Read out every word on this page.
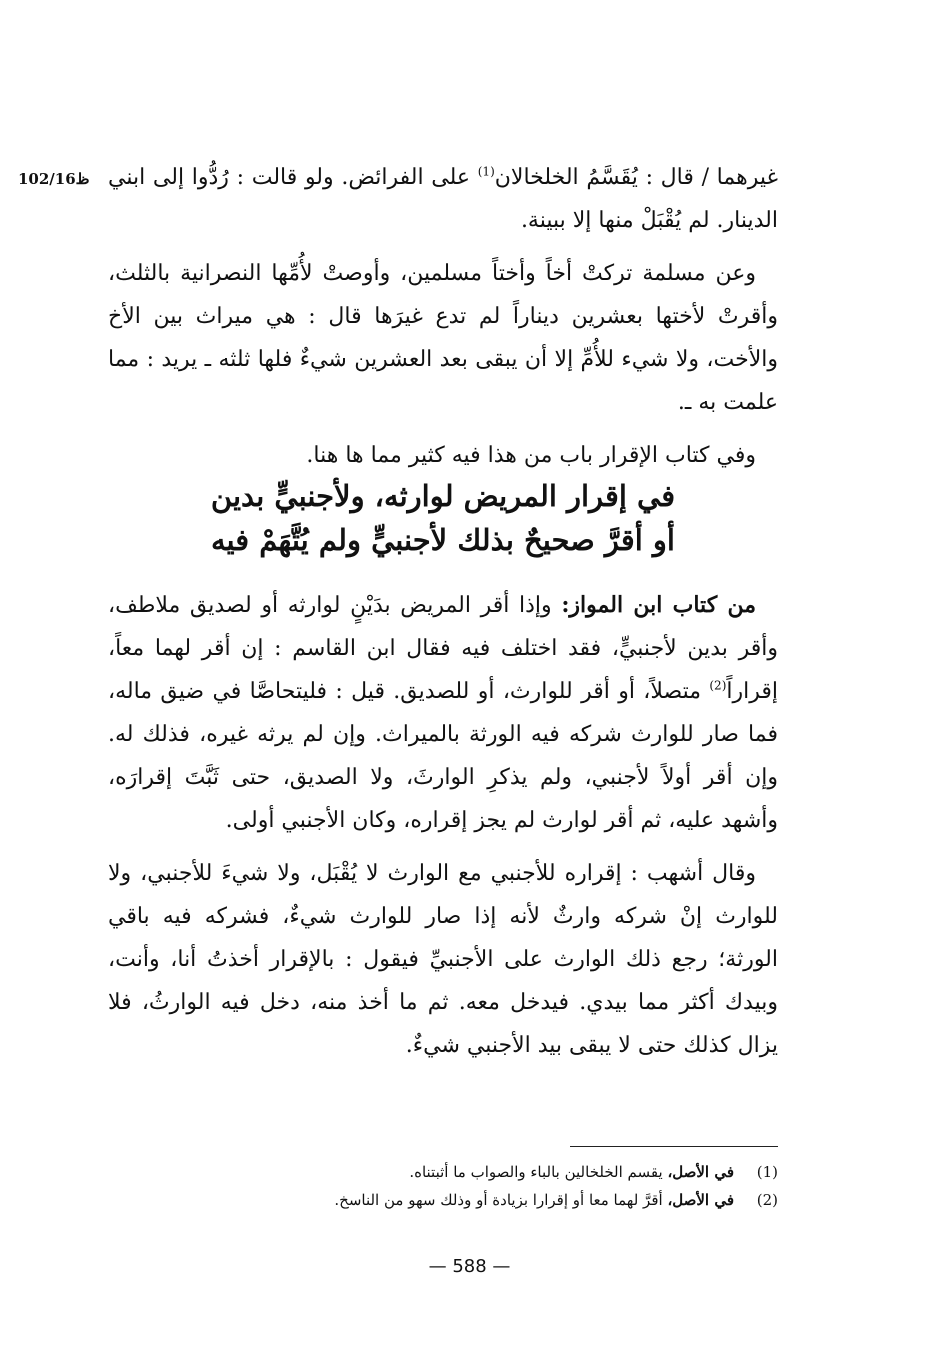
102/16ظ	غيرهما / قال : يُقَسَّمُ الخلخالان$^{(1)}$ على الفرائض. ولو قالت : رُدُّوا إلى ابني الدينار. لم يُقْبَلْ منها إلا ببينة.

وعن مسلمة تركتْ أخاً وأختاً مسلمين، وأوصتْ لأُمِّها النصرانية بالثلث، وأقرتْ لأختها بعشرين ديناراً لم تدع غيرَها قال : هي ميراث بين الأخ والأخت، ولا شيء للأُمِّ إلا أن يبقى بعد العشرين شيءٌ فلها ثلثه ـ يريد : مما علمت به ـ.

وفي كتاب الإقرار باب من هذا فيه كثير مما ها هنا.

في إقرار المريض لوارثه، ولأجنبيٍّ بدين
أو أقرَّ صحيحٌ بذلك لأجنبيٍّ ولم يُتَّهَمْ فيه

من كتاب ابن المواز: وإذا أقر المريض بدَيْنٍ لوارثه أو لصديق ملاطف، وأقر بدين لأجنبيٍّ، فقد اختلف فيه فقال ابن القاسم : إن أقر لهما معاً، إقراراً$^{(2)}$ متصلاً، أو أقر للوارث، أو للصديق. قيل : فليتحاصَّا في ضيق ماله، فما صار للوارث شركه فيه الورثة بالميراث. وإن لم يرثه غيره، فذلك له. وإن أقر أولاً لأجنبي، ولم يذكرِ الوارثَ، ولا الصديق، حتى ثَبَّتَ إقرارَه، وأشهد عليه، ثم أقر لوارث لم يجز إقراره، وكان الأجنبي أولى.

وقال أشهب : إقراره للأجنبي مع الوارث لا يُقْبَل، ولا شيءَ للأجنبي، ولا للوارث إنْ شركه وارثٌ لأنه إذا صار للوارث شيءٌ، فشركه فيه باقي الورثة؛ رجع ذلك الوارث على الأجنبيِّ فيقول : بالإقرار أخذتُ أنا، وأنت، وبيدك أكثر مما بيدي. فيدخل معه. ثم ما أخذ منه، دخل فيه الوارثُ، فلا يزال كذلك حتى لا يبقى بيد الأجنبي شيءٌ.

(1)
في الأصل، يقسم الخلخالين بالباء والصواب ما أثبتناه.
(2)
في الأصل، أقرَّ لهما معا أو إقرارا بزيادة أو وذلك سهو من الناسخ.
— 588 —
